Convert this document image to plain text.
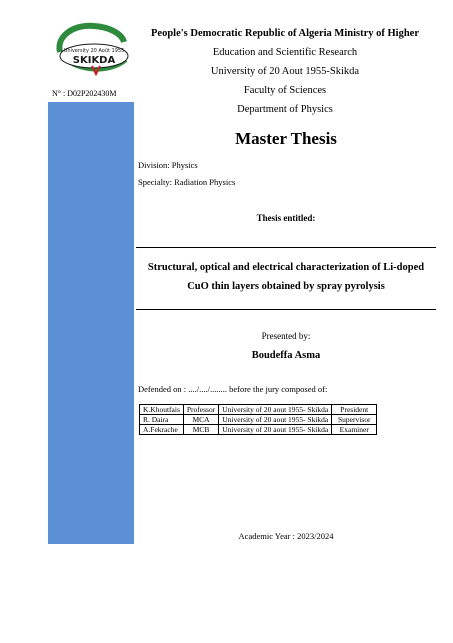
University 20 Août 1955
SKIKDA
N° : D02P202430M
People's Democratic Republic of Algeria Ministry of Higher
Education and Scientific Research
University of 20 Aout 1955-Skikda
Faculty of Sciences
Department of Physics
Master Thesis
Division: Physics
Specialty: Radiation Physics
Thesis entitled:
Structural, optical and electrical characterization of Li-doped
CuO thin layers obtained by spray pyrolysis
Presented by:
Boudeffa Asma
Defended on : ..../..../........ before the jury composed of:
K.Khoutfais	Professor	University of 20 aout 1955- Skikda	President
R. Daira	MCA	University of 20 aout 1955- Skikda	Supervisor
A.Fekrache	MCB	University of 20 aout 1955- Skikda	Examiner
Academic Year : 2023/2024
